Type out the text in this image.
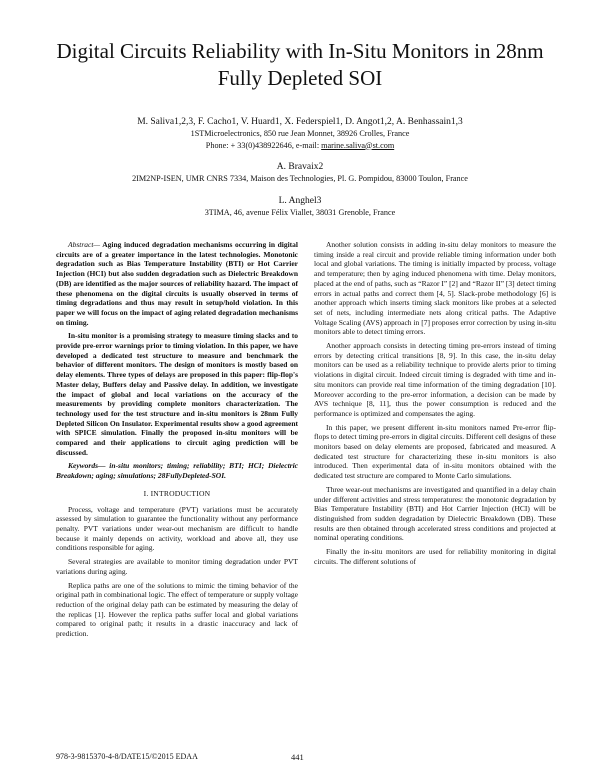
Digital Circuits Reliability with In-Situ Monitors in 28nm Fully Depleted SOI
M. Saliva1,2,3, F. Cacho1, V. Huard1, X. Federspiel1, D. Angot1,2, A. Benhassain1,3
1STMicroelectronics, 850 rue Jean Monnet, 38926 Crolles, France
Phone: + 33(0)438922646, e-mail: marine.saliva@st.com
A. Bravaix2
2IM2NP-ISEN, UMR CNRS 7334, Maison des Technologies, Pl. G. Pompidou, 83000 Toulon, France
L. Anghel3
3TIMA, 46, avenue Félix Viallet, 38031 Grenoble, France

Abstract— Aging induced degradation mechanisms occurring in digital circuits are of a greater importance in the latest technologies. Monotonic degradation such as Bias Temperature Instability (BTI) or Hot Carrier Injection (HCI) but also sudden degradation such as Dielectric Breakdown (DB) are identified as the major sources of reliability hazard. The impact of these phenomena on the digital circuits is usually observed in terms of timing degradations and thus may result in setup/hold violation. In this paper we will focus on the impact of aging related degradation mechanisms on timing.

In-situ monitor is a promising strategy to measure timing slacks and to provide pre-error warnings prior to timing violation. In this paper, we have developed a dedicated test structure to measure and benchmark the behavior of different monitors. The design of monitors is mostly based on delay elements. Three types of delays are proposed in this paper: flip-flop's Master delay, Buffers delay and Passive delay. In addition, we investigate the impact of global and local variations on the accuracy of the measurements by providing complete monitors characterization. The technology used for the test structure and in-situ monitors is 28nm Fully Depleted Silicon On Insulator. Experimental results show a good agreement with SPICE simulation. Finally the proposed in-situ monitors will be compared and their applications to circuit aging prediction will be discussed.

Keywords— in-situ monitors; timing; reliability; BTI; HCI; Dielectric Breakdown; aging; simulations; 28FullyDepleted-SOI.

I. INTRODUCTION

Process, voltage and temperature (PVT) variations must be accurately assessed by simulation to guarantee the functionality without any performance penalty. PVT variations under wear-out mechanism are difficult to handle because it mainly depends on activity, workload and above all, they use conditions responsible for aging.

Several strategies are available to monitor timing degradation under PVT variations during aging.

Replica paths are one of the solutions to mimic the timing behavior of the original path in combinational logic. The effect of temperature or supply voltage reduction of the original delay path can be estimated by measuring the delay of the replicas [1]. However the replica paths suffer local and global variations compared to original path; it results in a drastic inaccuracy and lack of prediction.

Another solution consists in adding in-situ delay monitors to measure the timing inside a real circuit and provide reliable timing information under both local and global variations. The timing is initially impacted by process, voltage and temperature; then by aging induced phenomena with time. Delay monitors, placed at the end of paths, such as “Razor I” [2] and “Razor II” [3] detect timing errors in actual paths and correct them [4, 5]. Slack-probe methodology [6] is another approach which inserts timing slack monitors like probes at a selected set of nets, including intermediate nets along critical paths. The Adaptive Voltage Scaling (AVS) approach in [7] proposes error correction by using in-situ monitors able to detect timing errors.

Another approach consists in detecting timing pre-errors instead of timing errors by detecting critical transitions [8, 9]. In this case, the in-situ delay monitors can be used as a reliability technique to provide alerts prior to timing violations in digital circuit. Indeed circuit timing is degraded with time and in-situ monitors can provide real time information of the timing degradation [10]. Moreover according to the pre-error information, a decision can be made by AVS technique [8, 11], thus the power consumption is reduced and the performance is optimized and compensates the aging.

In this paper, we present different in-situ monitors named Pre-error flip-flops to detect timing pre-errors in digital circuits. Different cell designs of these monitors based on delay elements are proposed, fabricated and measured. A dedicated test structure for characterizing these in-situ monitors is also introduced. Then experimental data of in-situ monitors obtained with the dedicated test structure are compared to Monte Carlo simulations.

Three wear-out mechanisms are investigated and quantified in a delay chain under different activities and stress temperatures: the monotonic degradation by Bias Temperature Instability (BTI) and Hot Carrier Injection (HCI) will be distinguished from sudden degradation by Dielectric Breakdown (DB). These results are then obtained through accelerated stress conditions and projected at nominal operating conditions.

Finally the in-situ monitors are used for reliability monitoring in digital circuits. The different solutions of

978-3-9815370-4-8/DATE15/©2015 EDAA	441
